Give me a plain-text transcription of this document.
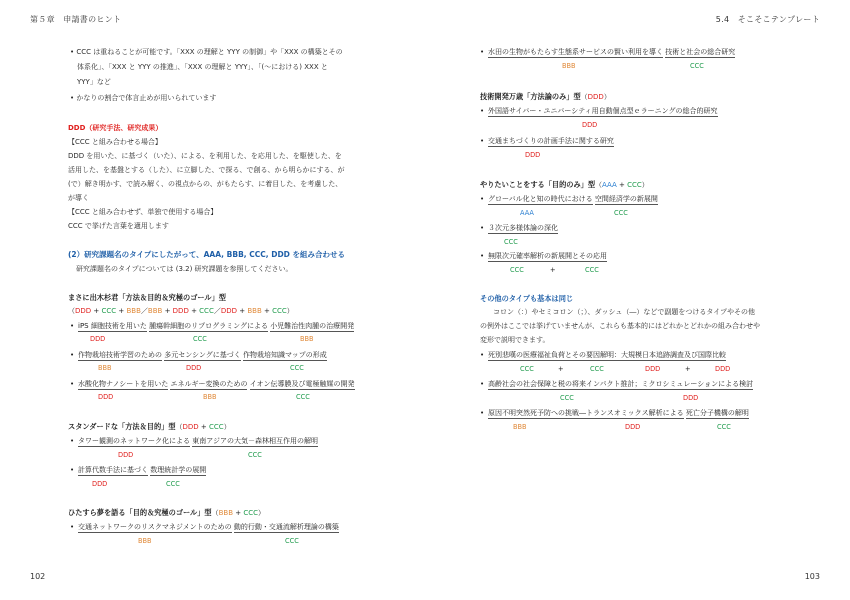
第５章　申請書のヒント
• CCC は重ねることが可能です。「XXX の理解と YYY の制御」や「XXX の構築とその
体系化」、「XXX と YYY の推進」、「XXX の理解と YYY」、「(～における) XXX と
YYY」など
• かなりの割合で体言止めが用いられています
DDD（研究手法、研究成果）
【CCC と組み合わせる場合】
DDD を用いた、に基づく（いた）、による、を利用した、を応用した、を駆使した、を
活用した、を基盤とする（した）、に立脚した、で探る、で創る、から明らかにする、が
(で）解き明かす、で読み解く、の視点からの、がもたらす、に着目した、を考慮した、
が導く
【CCC と組み合わせず、単独で使用する場合】
CCC で挙げた言葉を適用します
(2）研究課題名のタイプにしたがって、AAA, BBB, CCC, DDD を組み合わせる
研究課題名のタイプについては (3.2) 研究課題を参照してください。
まさに出木杉君「方法＆目的＆究極のゴール」型
（DDD + CCC + BBB／BBB + DDD + CCC／DDD + BBB + CCC）
• iPS 細胞技術を用いた 腫瘍幹細胞のリプログラミングによる 小児難治性肉腫の治療開発
DDD	CCC	BBB
• 作物栽培技術学習のための 多元センシングに基づく 作物栽培知識マップの形成
BBB	DDD	CCC
• 水酸化物ナノシートを用いた エネルギー変換のための イオン伝導膜及び電極触媒の開発
DDD	BBB	CCC
スタンダードな「方法＆目的」型（DDD + CCC）
• タワー観測のネットワーク化による 東南アジアの大気－森林相互作用の解明
DDD	CCC
• 計算代数手法に基づく 数理統計学の展開
DDD	CCC
ひたすら夢を語る「目的＆究極のゴール」型（BBB + CCC）
• 交通ネットワークのリスクマネジメントのための 動的行動・交通流解析理論の構築
BBB	CCC
102
5.4　そこそこテンプレート
• 水田の生物がもたらす生態系サービスの賢い利用を導く 技術と社会の総合研究
BBB	CCC
技術開発万歳「方法論のみ」型（DDD）
• 外国語サイバー・ユニバーシティ用自動個点型ｅラーニングの総合的研究
DDD
• 交通まちづくりの計画手法に関する研究
DDD
やりたいことをする「目的のみ」型（AAA + CCC）
• グローバル化と知の時代における 空間経済学の新展開
AAA	CCC
• ３次元多様体論の深化
CCC
• 無限次元確率解析の新展開とその応用
CCC	+	CCC
その他のタイプも基本は同じ
コロン（：）やセミコロン（；）、ダッシュ（―）などで副題をつけるタイプやその他
の例外はここでは挙げていませんが、これらも基本的にはどれかとどれかの組み合わせや
変形で説明できます。
• 死別悲嘆の医療福祉負荷とその要因解明：大規模日本追跡調査及び国際比較
CCC	+	CCC	DDD	+	DDD
• 高齢社会の社会保障と税の将来インパクト推計；ミクロシミュレーションによる検討
CCC	DDD
• 原因不明突然死予防への挑戦―トランスオミックス解析による 死亡分子機構の解明
BBB	DDD	CCC
103
